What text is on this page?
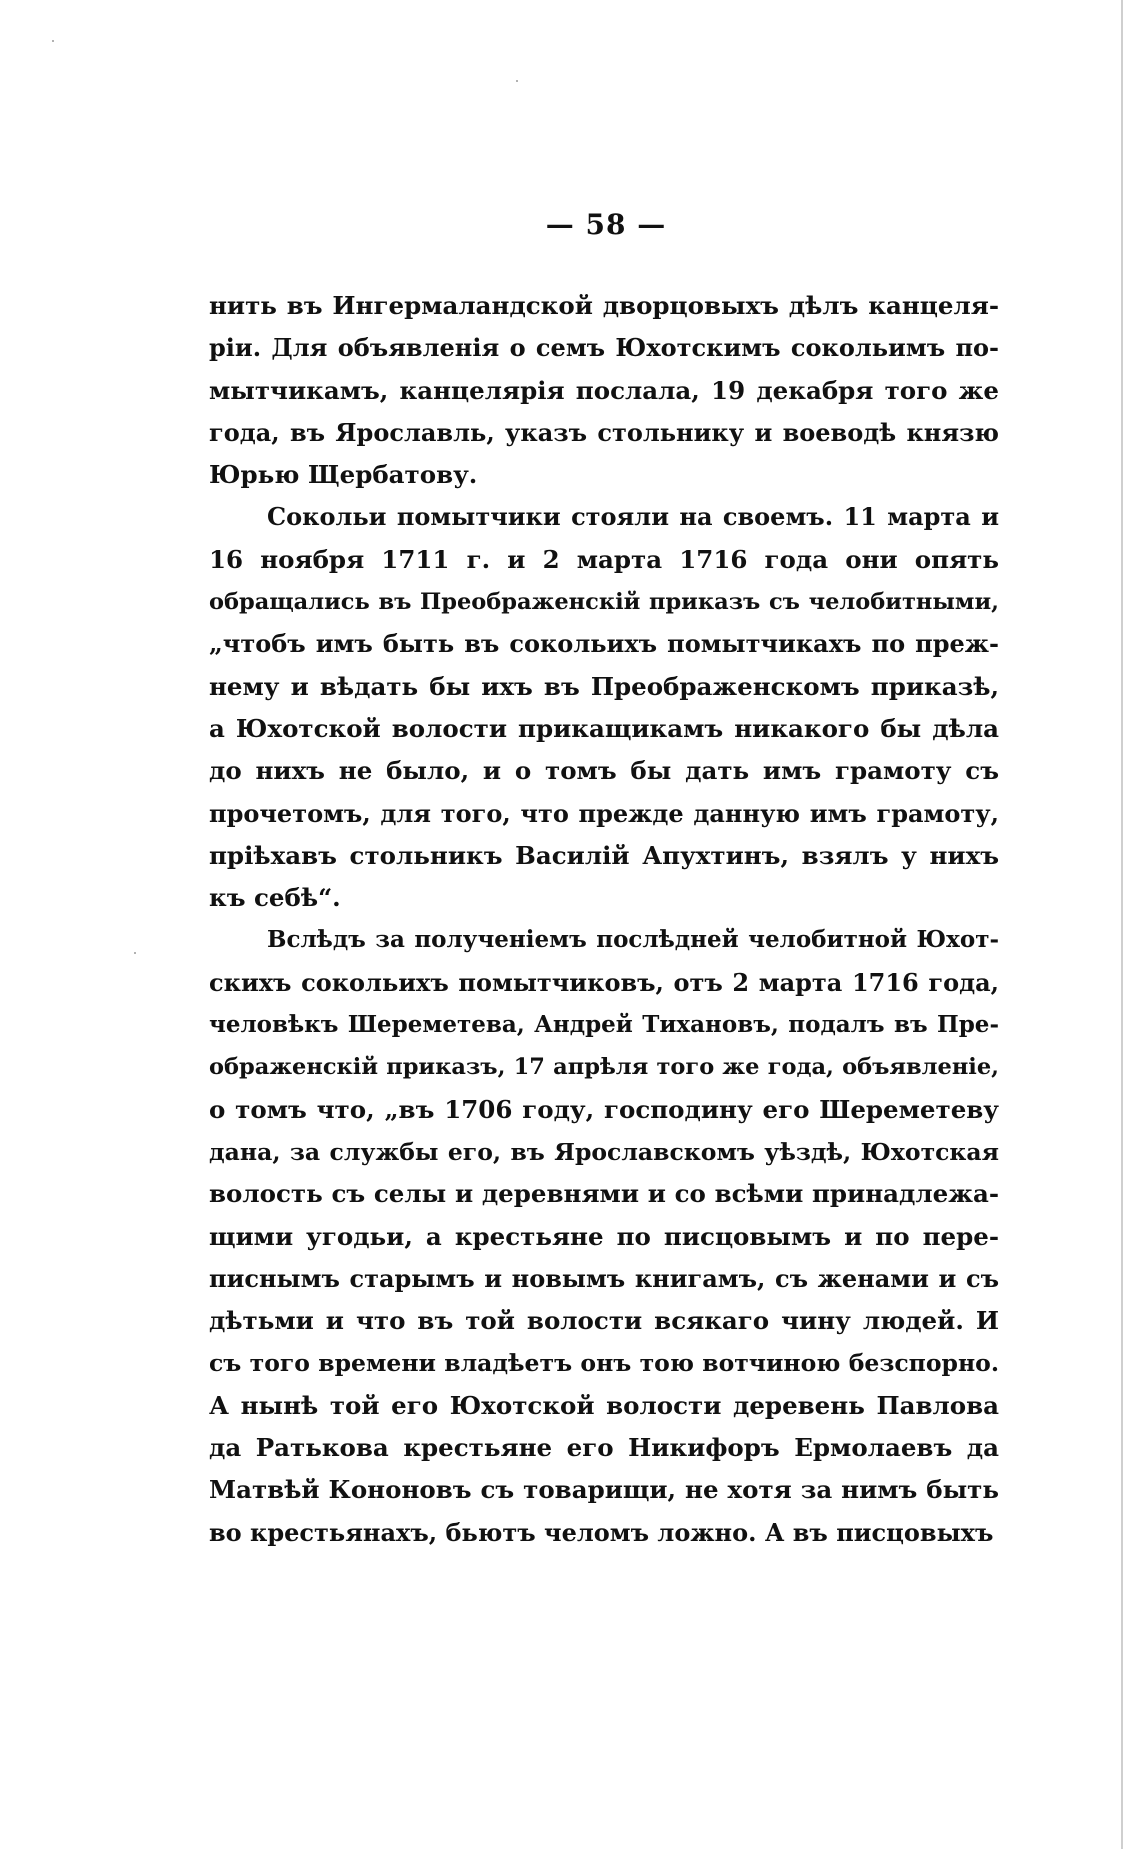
— 58 —
нить въ Ингермаландской дворцовыхъ дѣлъ канцеля-
ріи. Для объявленія о семъ Юхотскимъ сокольимъ по-
мытчикамъ, канцелярія послала, 19 декабря того же
года, въ Ярославль, указъ стольнику и воеводѣ князю
Юрью Щербатову.
Сокольи помытчики стояли на своемъ. 11 марта и
16 ноября 1711 г. и 2 марта 1716 года они опять
обращались въ Преображенскій приказъ съ челобитными,
„чтобъ имъ быть въ сокольихъ помытчикахъ по преж-
нему и вѣдать бы ихъ въ Преображенскомъ приказѣ,
а Юхотской волости прикащикамъ никакого бы дѣла
до нихъ не было, и о томъ бы дать имъ грамоту съ
прочетомъ, для того, что прежде данную имъ грамоту,
пріѣхавъ стольникъ Василій Апухтинъ, взялъ у нихъ
къ себѣ“.
Вслѣдъ за полученіемъ послѣдней челобитной Юхот-
скихъ сокольихъ помытчиковъ, отъ 2 марта 1716 года,
человѣкъ Шереметева, Андрей Тихановъ, подалъ въ Пре-
ображенскій приказъ, 17 апрѣля того же года, объявленіе,
о томъ что, „въ 1706 году, господину его Шереметеву
дана, за службы его, въ Ярославскомъ уѣздѣ, Юхотская
волость съ селы и деревнями и со всѣми принадлежа-
щими угодьи, а крестьяне по писцовымъ и по пере-
писнымъ старымъ и новымъ книгамъ, съ женами и съ
дѣтьми и что въ той волости всякаго чину людей. И
съ того времени владѣетъ онъ тою вотчиною безспорно.
А нынѣ той его Юхотской волости деревень Павлова
да Ратькова крестьяне его Никифоръ Ермолаевъ да
Матвѣй Кононовъ съ товарищи, не хотя за нимъ быть
во крестьянахъ, бьютъ челомъ ложно. А въ писцовыхъ
